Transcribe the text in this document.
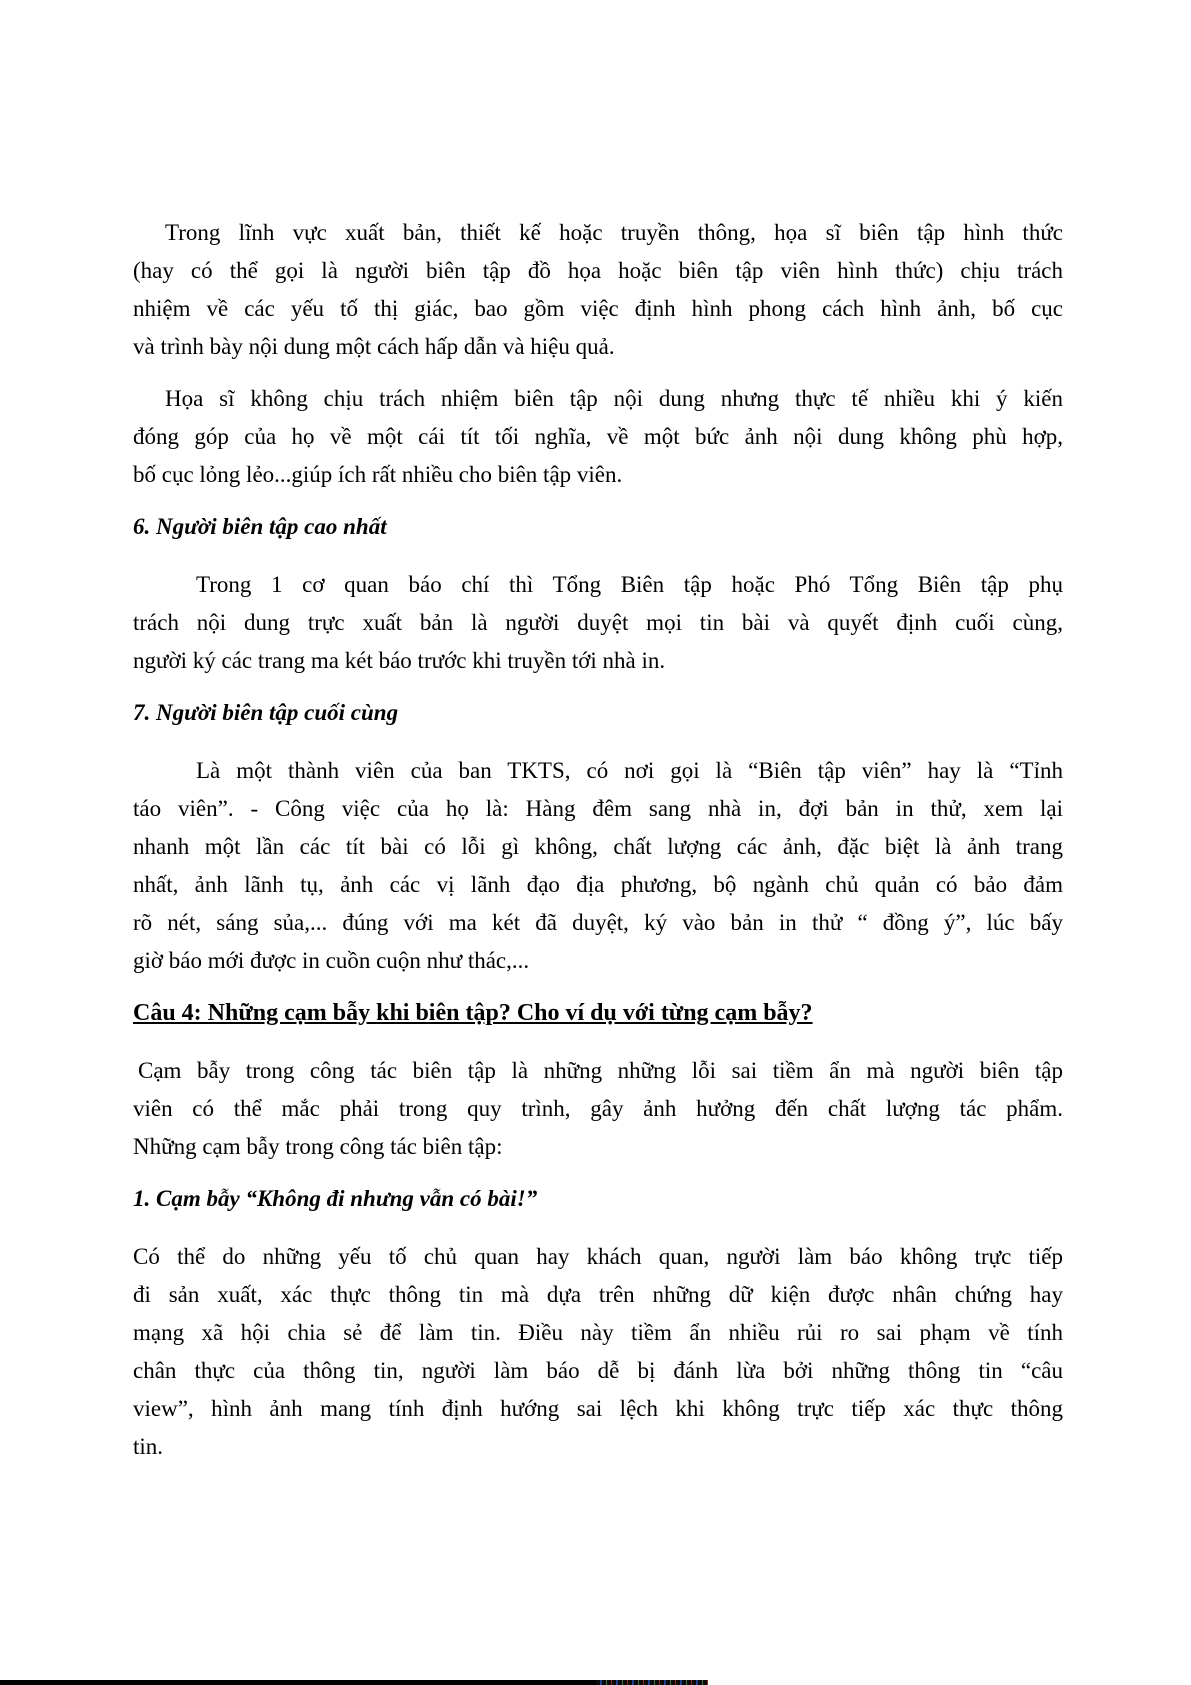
Trong lĩnh vực xuất bản, thiết kế hoặc truyền thông, họa sĩ biên tập hình thức
(hay có thể gọi là người biên tập đồ họa hoặc biên tập viên hình thức) chịu trách
nhiệm về các yếu tố thị giác, bao gồm việc định hình phong cách hình ảnh, bố cục
và trình bày nội dung một cách hấp dẫn và hiệu quả.
Họa sĩ không chịu trách nhiệm biên tập nội dung nhưng thực tế nhiều khi ý kiến
đóng góp của họ về một cái tít tối nghĩa, về một bức ảnh nội dung không phù hợp,
bố cục lỏng lẻo...giúp ích rất nhiều cho biên tập viên.
6. Người biên tập cao nhất
Trong 1 cơ quan báo chí thì Tổng Biên tập hoặc Phó Tổng Biên tập phụ
trách nội dung trực xuất bản là người duyệt mọi tin bài và quyết định cuối cùng,
người ký các trang ma két báo trước khi truyền tới nhà in.
7. Người biên tập cuối cùng
Là một thành viên của ban TKTS, có nơi gọi là “Biên tập viên” hay là “Tỉnh
táo viên”. - Công việc của họ là: Hàng đêm sang nhà in, đợi bản in thử, xem lại
nhanh một lần các tít bài có lỗi gì không, chất lượng các ảnh, đặc biệt là ảnh trang
nhất, ảnh lãnh tụ, ảnh các vị lãnh đạo địa phương, bộ ngành chủ quản có bảo đảm
rõ nét, sáng sủa,... đúng với ma két đã duyệt, ký vào bản in thử “ đồng ý”, lúc bấy
giờ báo mới được in cuồn cuộn như thác,...
Câu 4: Những cạm bẫy khi biên tập? Cho ví dụ với từng cạm bẫy?
Cạm bẫy trong công tác biên tập là những những lỗi sai tiềm ẩn mà người biên tập
viên có thể mắc phải trong quy trình, gây ảnh hưởng đến chất lượng tác phẩm.
Những cạm bẫy trong công tác biên tập:
1. Cạm bẫy “Không đi nhưng vẫn có bài!”
Có thể do những yếu tố chủ quan hay khách quan, người làm báo không trực tiếp
đi sản xuất, xác thực thông tin mà dựa trên những dữ kiện được nhân chứng hay
mạng xã hội chia sẻ để làm tin. Điều này tiềm ẩn nhiều rủi ro sai phạm về tính
chân thực của thông tin, người làm báo dễ bị đánh lừa bởi những thông tin “câu
view”, hình ảnh mang tính định hướng sai lệch khi không trực tiếp xác thực thông
tin.
